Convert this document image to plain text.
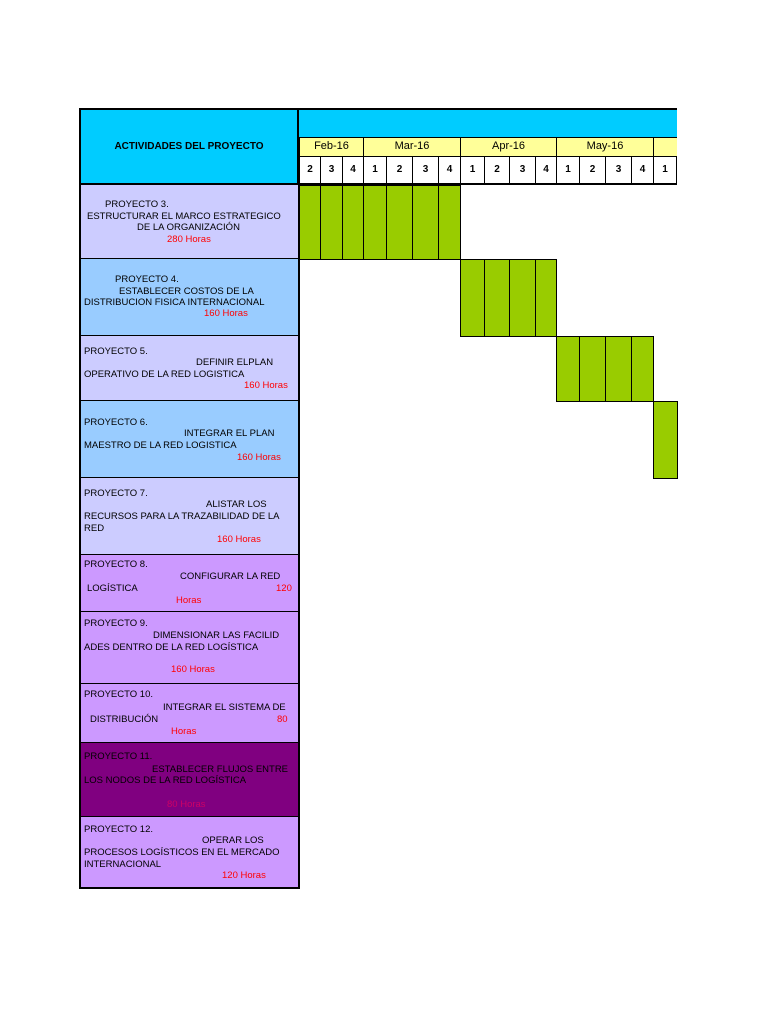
ACTIVIDADES DEL PROYECTO	Feb-16	Mar-16	Apr-16	May-16
2	3	4	1	2	3	4	1	2	3	4	1	2	3	4	1
PROYECTO 3.
ESTRUCTURAR EL MARCO ESTRATEGICO
DE LA ORGANIZACIÓN
280 Horas
PROYECTO 4.
ESTABLECER COSTOS DE LA
DISTRIBUCION FISICA INTERNACIONAL
160 Horas
PROYECTO 5.
DEFINIR ELPLAN
OPERATIVO DE LA RED LOGISTICA
160 Horas
PROYECTO 6.
INTEGRAR EL PLAN
MAESTRO DE LA RED LOGISTICA
160 Horas
PROYECTO 7.
ALISTAR LOS
RECURSOS PARA LA TRAZABILIDAD DE LA
RED
160 Horas
PROYECTO 8.
CONFIGURAR LA RED
LOGÍSTICA	120
Horas
PROYECTO 9.
DIMENSIONAR LAS FACILID
ADES DENTRO DE LA RED LOGÍSTICA
160 Horas
PROYECTO 10.
INTEGRAR EL SISTEMA DE
DISTRIBUCIÓN	80
Horas
PROYECTO 11.
ESTABLECER FLUJOS ENTRE
LOS NODOS DE LA RED LOGÍSTICA
80 Horas
PROYECTO 12.
OPERAR LOS
PROCESOS LOGÍSTICOS EN EL MERCADO
INTERNACIONAL
120 Horas
